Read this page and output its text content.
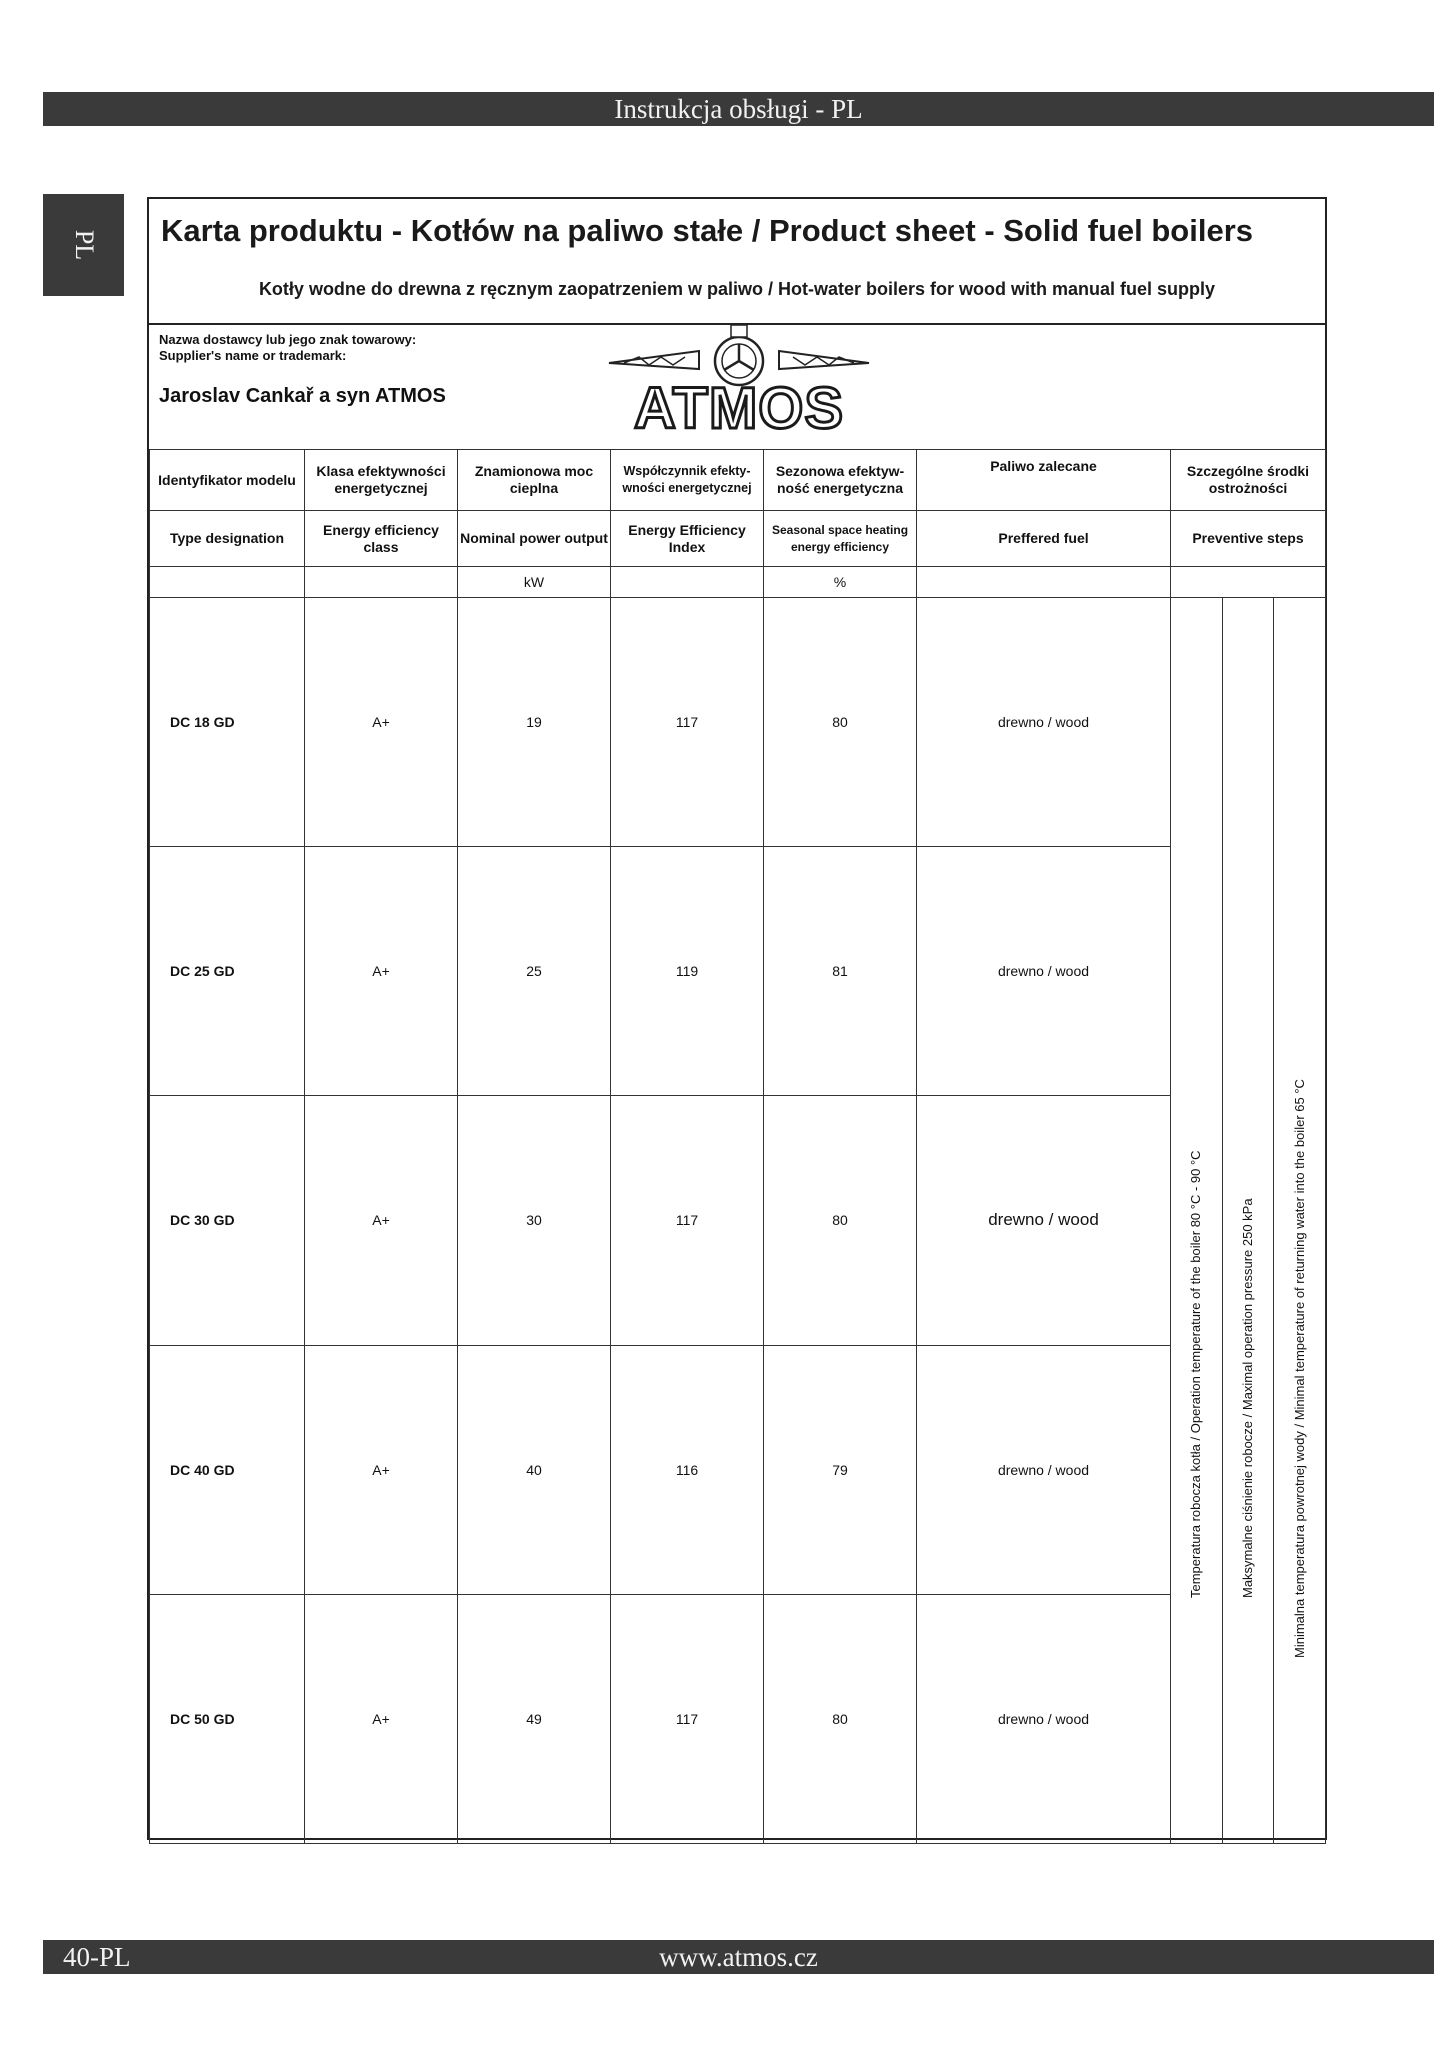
Instrukcja obsługi - PL
PL Karta produktu - Kotłów na paliwo stałe / Product sheet - Solid fuel boilers
Kotły wodne do drewna z ręcznym zaopatrzeniem w paliwo / Hot-water boilers for wood with manual fuel supply
Nazwa dostawcy lub jego znak towarowy:
Supplier's name or trademark:
Jaroslav Cankař a syn ATMOS	ATMOS
Identyfikator modelu	Klasa efektywności energetycznej	Znamionowa moc cieplna	Współczynnik efekty-wności energetycznej	Sezonowa efektyw-ność energetyczna	Paliwo zalecane	Szczególne środki ostrożności
Type designation	Energy efficiency class	Nominal power output	Energy Efficiency Index	Seasonal space heating energy efficiency	Preffered fuel	Preventive steps
		kW		%		
DC 18 GD	A+	19	117	80	drewno / wood	Temperatura robocza kotła / Operation temperature of the boiler 80 °C - 90 °C Maksymalne ciśnienie robocze / Maximal operation pressure 250 kPa Minimalna temperatura powrotnej wody / Minimal temperature of returning water into the boiler 65 °C

DC 25 GD	A+	25	119	81	drewno / wood	
DC 30 GD	A+	30	117	80	drewno / wood	
DC 40 GD	A+	40	116	79	drewno / wood	
DC 50 GD	A+	49	117	80	drewno / wood	
40-PL	www.atmos.cz
